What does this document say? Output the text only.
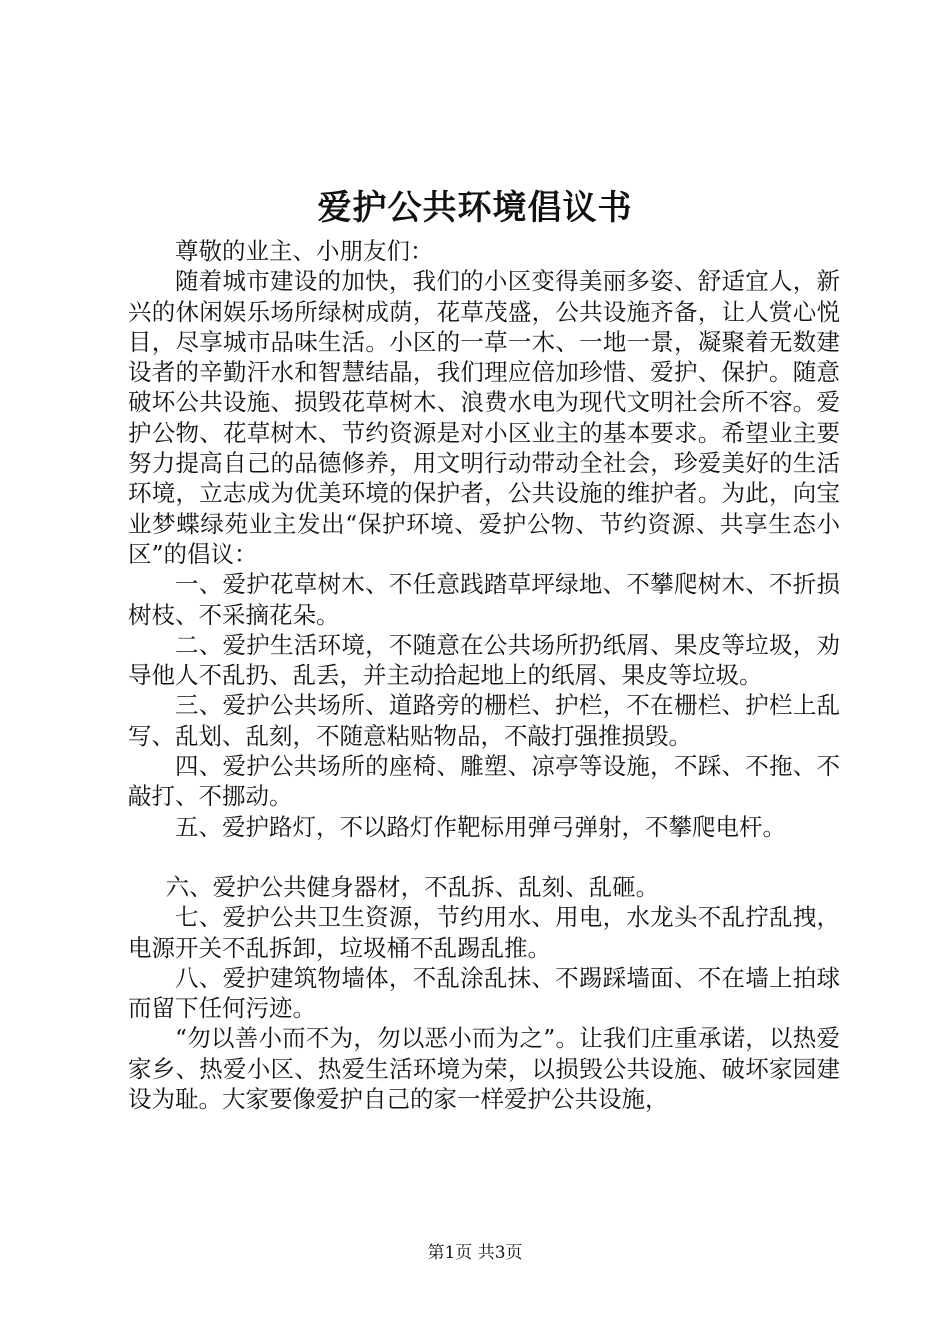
爱护公共环境倡议书

尊敬的业主、小朋友们：

随着城市建设的加快，我们的小区变得美丽多姿、舒适宜人，新兴的休闲娱乐场所绿树成荫，花草茂盛，公共设施齐备，让人赏心悦目，尽享城市品味生活。小区的一草一木、一地一景，凝聚着无数建设者的辛勤汗水和智慧结晶，我们理应倍加珍惜、爱护、保护。随意破坏公共设施、损毁花草树木、浪费水电为现代文明社会所不容。爱护公物、花草树木、节约资源是对小区业主的基本要求。希望业主要努力提高自己的品德修养，用文明行动带动全社会，珍爱美好的生活环境，立志成为优美环境的保护者，公共设施的维护者。为此，向宝业梦蝶绿苑业主发出“保护环境、爱护公物、节约资源、共享生态小区”的倡议：

一、爱护花草树木、不任意践踏草坪绿地、不攀爬树木、不折损树枝、不采摘花朵。

二、爱护生活环境，不随意在公共场所扔纸屑、果皮等垃圾，劝导他人不乱扔、乱丢，并主动拾起地上的纸屑、果皮等垃圾。

三、爱护公共场所、道路旁的栅栏、护栏，不在栅栏、护栏上乱写、乱划、乱刻，不随意粘贴物品，不敲打强推损毁。

四、爱护公共场所的座椅、雕塑、凉亭等设施，不踩、不拖、不敲打、不挪动。

五、爱护路灯，不以路灯作靶标用弹弓弹射，不攀爬电杆。

六、爱护公共健身器材，不乱拆、乱刻、乱砸。

七、爱护公共卫生资源，节约用水、用电，水龙头不乱拧乱拽，电源开关不乱拆卸，垃圾桶不乱踢乱推。

八、爱护建筑物墙体，不乱涂乱抹、不踢踩墙面、不在墙上拍球而留下任何污迹。

“勿以善小而不为，勿以恶小而为之”。让我们庄重承诺，以热爱家乡、热爱小区、热爱生活环境为荣，以损毁公共设施、破坏家园建设为耻。大家要像爱护自己的家一样爱护公共设施，

第1页 共3页
